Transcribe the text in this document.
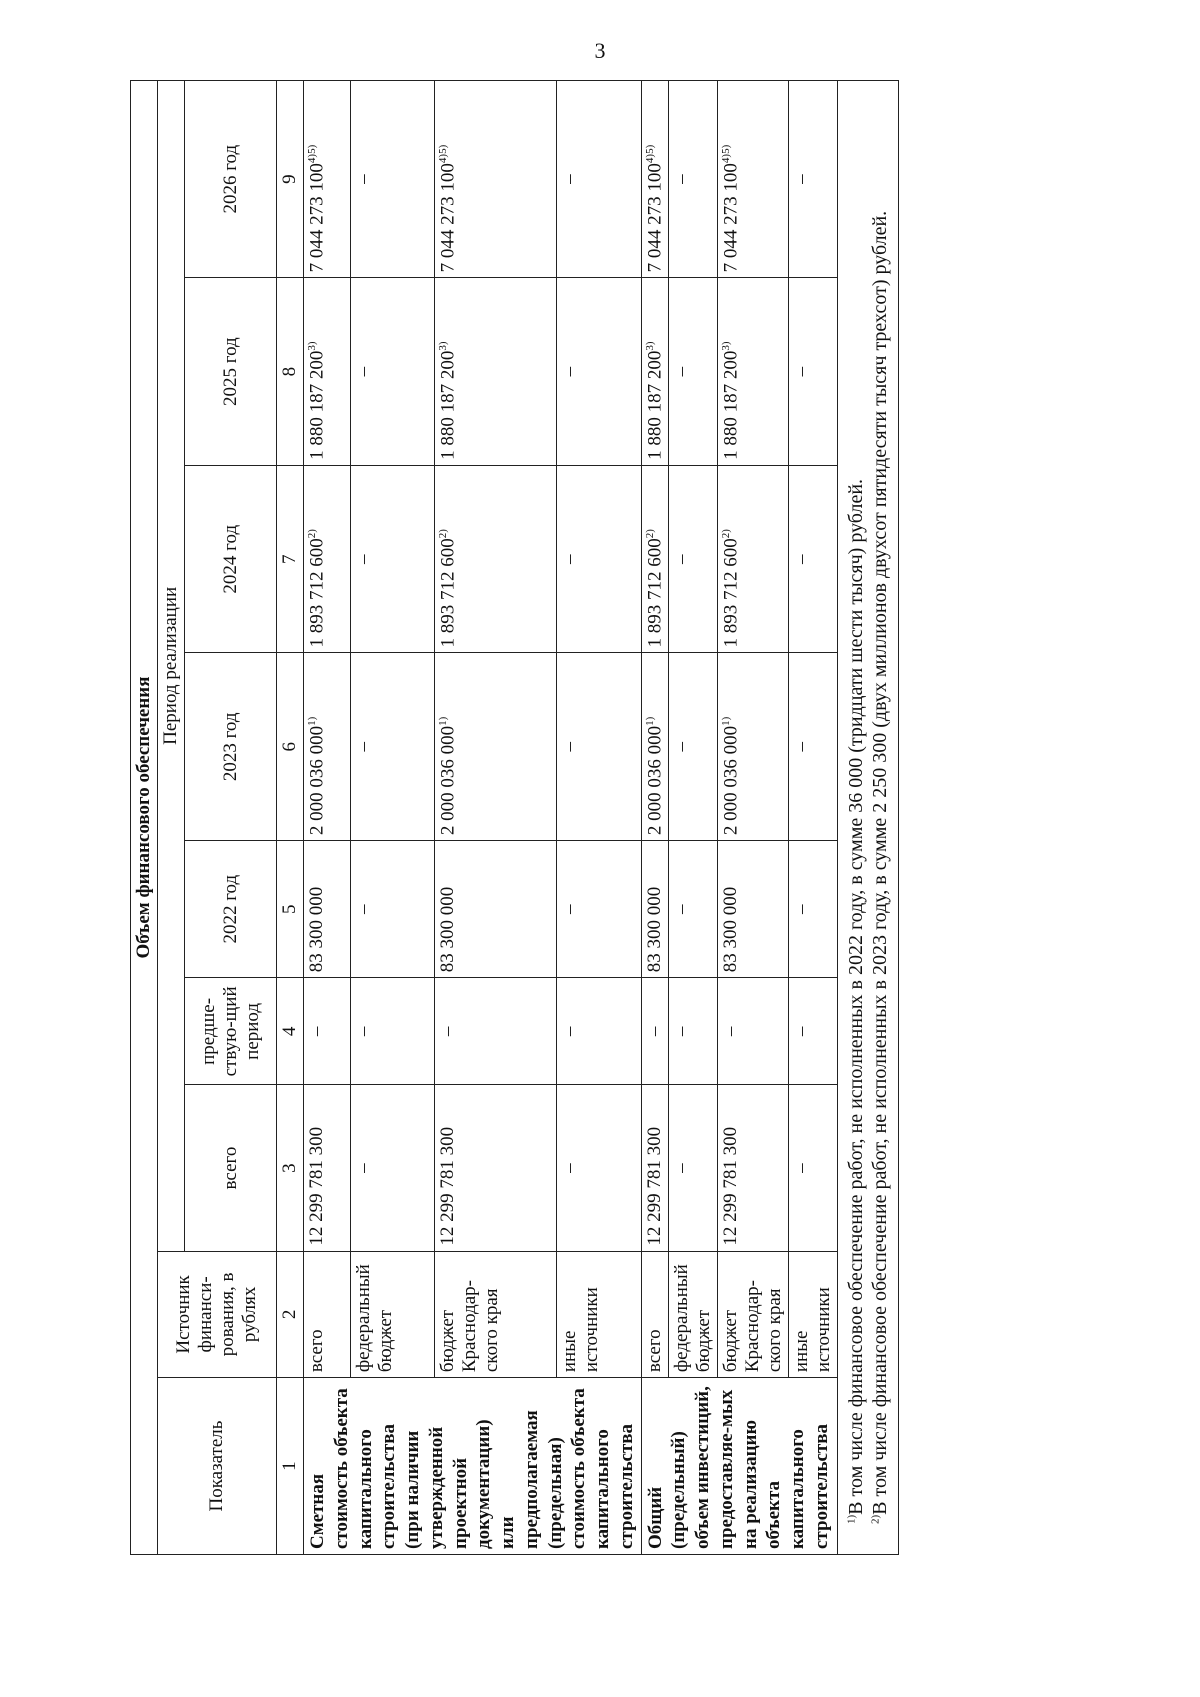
3
Объем финансового обеспечения								
Показатель	Источник финанси-рования, в рублях	Период реализации						
		всего	предше-ствую-щий период	2022 год	2023 год	2024 год	2025 год	2026 год
1	2	3	4	5	6	7	8	9
Сметная стоимость объекта капитального строительства (при наличии утвержденной проектной документации) или предполагаемая (предельная) стоимость объекта капитального строительства	всего	12 299 781 300	–	83 300 000	2 000 036 000$^{1)}$	1 893 712 600$^{2)}$	1 880 187 200$^{3)}$	7 044 273 $100^{4)5)}$
	федеральный бюджет	–	–	–	–	–	–	–
	бюджет Краснодар-ского края	12 299 781 300	–	83 300 000	2 000 036 000$^{1)}$	1 893 712 600$^{2)}$	1 880 187 200$^{3)}$	7 044 273 $100^{4)5)}$
	иные источники	–	–	–	–	–	–	–
Общий (предельный) объем инвестиций, предоставляе-мых на реализацию объекта капитального строительства	всего	12 299 781 300	–	83 300 000	2 000 036 000$^{1)}$	1 893 712 600$^{2)}$	1 880 187 200$^{3)}$	7 044 273 $100^{4)5)}$
	федеральный бюджет	–	–	–	–	–	–	–
	бюджет Краснодар-ского края	12 299 781 300	–	83 300 000	2 000 036 000$^{1)}$	1 893 712 600$^{2)}$	1 880 187 200$^{3)}$	7 044 273 $100^{4)5)}$
	иные источники	–	–	–	–	–	–	–

$^{1)}$В том числе финансовое обеспечение работ, не исполненных в 2022 году, в сумме 36 000 (тридцати шести тысяч) рублей.

$^{2)}$В том числе финансовое обеспечение работ, не исполненных в 2023 году, в сумме 2 250 300 (двух миллионов двухсот пятидесяти тысяч трехсот) рублей.								
